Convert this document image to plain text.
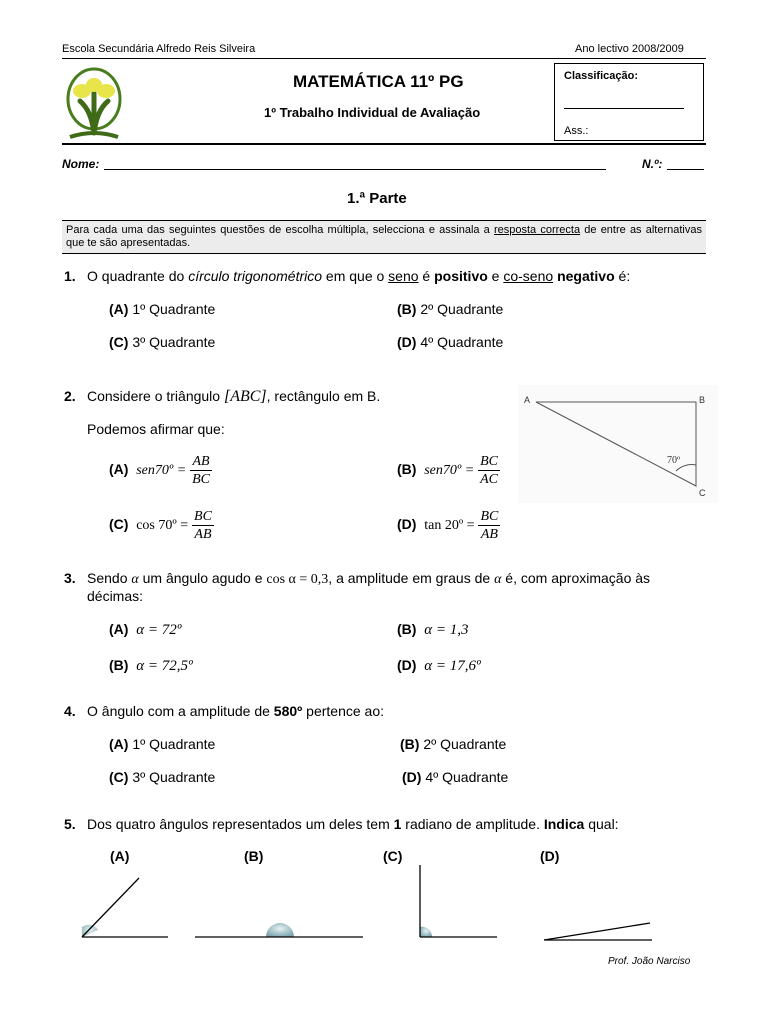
Escola Secundária Alfredo Reis Silveira	Ano lectivo 2008/2009
MATEMÁTICA 11º PG
1º Trabalho Individual de Avaliação
Classificação:
Ass.:
Nome:	N.º:
1.ª Parte
Para cada uma das seguintes questões de escolha múltipla, selecciona e assinala a resposta correcta de entre as alternativas que te são apresentadas.
1. O quadrante do círculo trigonométrico em que o seno é positivo e co-seno negativo é:
(A) 1º Quadrante	(B) 2º Quadrante
(C) 3º Quadrante	(D) 4º Quadrante
2. Considere o triângulo [ABC], rectângulo em B.
Podemos afirmar que:
(A) sen70º = $\frac{AB}{BC}$	(B) sen70º = $\frac{BC}{AC}$
(C) cos 70º = $\frac{BC}{AB}$	(D) tan 20º = $\frac{BC}{AB}$
A	B
C
70º
3. Sendo α um ângulo agudo e cos α = 0,3, a amplitude em graus de α é, com aproximação às
décimas:
(A) α = 72º	(B) α = 1,3
(B) α = 72,5º	(D) α = 17,6º
4. O ângulo com a amplitude de 580º pertence ao:
(A) 1º Quadrante	(B) 2º Quadrante
(C) 3º Quadrante	(D) 4º Quadrante
5. Dos quatro ângulos representados um deles tem 1 radiano de amplitude. Indica qual:
(A)	(B)	(C)	(D)
Prof. João Narciso
